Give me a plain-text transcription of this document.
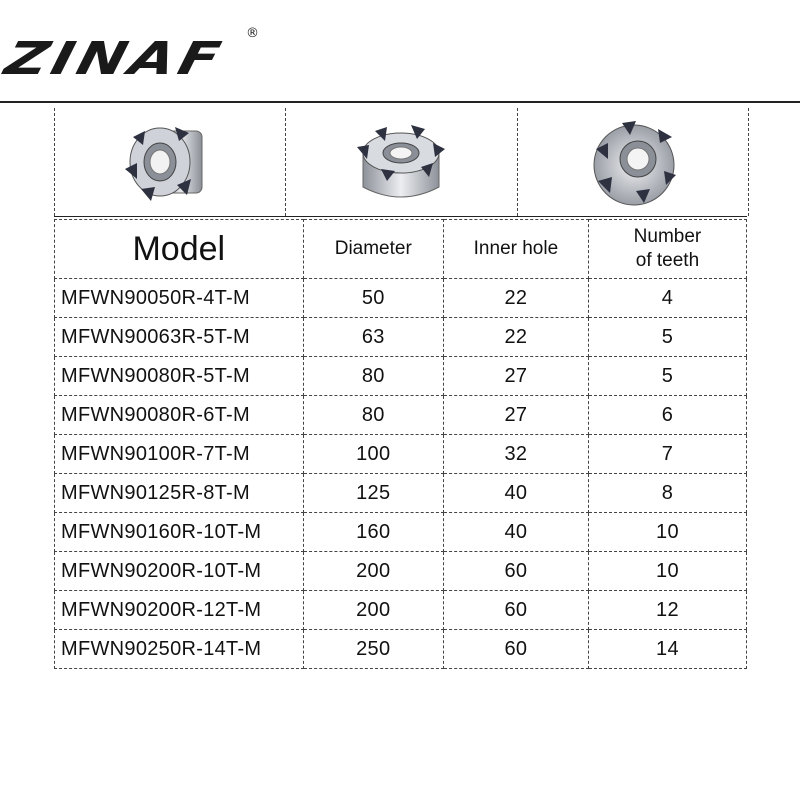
ZINAF ®
Model	Diameter	Inner hole	Number
of teeth
MFWN90050R-4T-M	50	22	4
MFWN90063R-5T-M	63	22	5
MFWN90080R-5T-M	80	27	5
MFWN90080R-6T-M	80	27	6
MFWN90100R-7T-M	100	32	7
MFWN90125R-8T-M	125	40	8
MFWN90160R-10T-M	160	40	10
MFWN90200R-10T-M	200	60	10
MFWN90200R-12T-M	200	60	12
MFWN90250R-14T-M	250	60	14
